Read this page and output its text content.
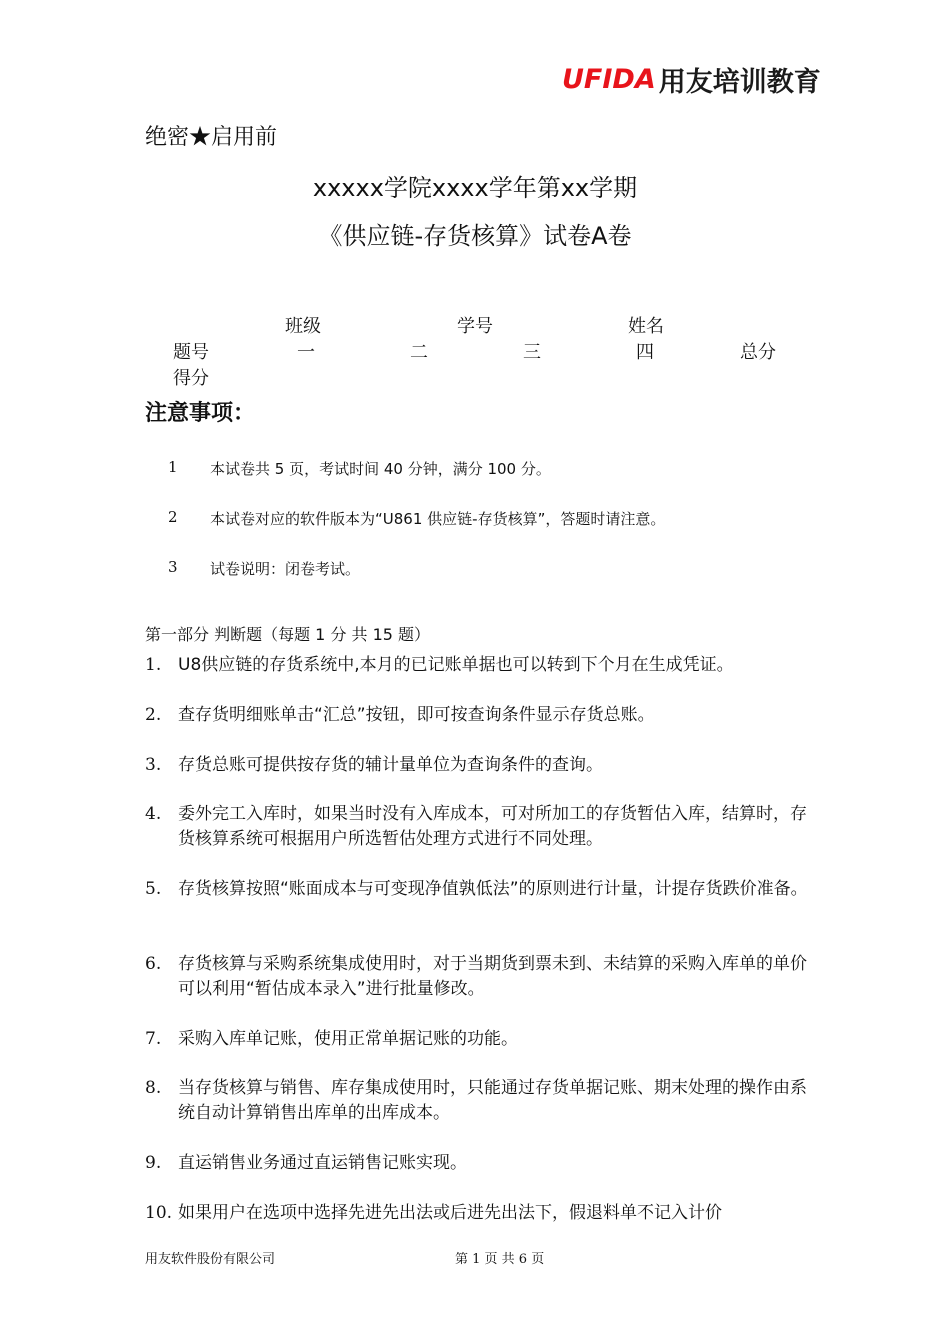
UFIDA 用友培训教育
绝密★启用前
xxxxx学院xxxx学年第xx学期
《供应链-存货核算》试卷A卷
班级	学号	姓名
题号	一	二	三	四	总分
得分
注意事项：
1	本试卷共 5 页，考试时间 40 分钟，满分 100 分。
2	本试卷对应的软件版本为“U861 供应链-存货核算”，答题时请注意。
3	试卷说明：闭卷考试。
第一部分 判断题（每题 1 分 共 15 题）
1. U8供应链的存货系统中,本月的已记账单据也可以转到下个月在生成凭证。
2. 查存货明细账单击“汇总”按钮，即可按查询条件显示存货总账。
3. 存货总账可提供按存货的辅计量单位为查询条件的查询。
4. 委外完工入库时，如果当时没有入库成本，可对所加工的存货暂估入库，结算时，存货核算系统可根据用户所选暂估处理方式进行不同处理。
5. 存货核算按照“账面成本与可变现净值孰低法”的原则进行计量，计提存货跌价准备。
6. 存货核算与采购系统集成使用时，对于当期货到票未到、未结算的采购入库单的单价可以利用“暂估成本录入”进行批量修改。
7. 采购入库单记账，使用正常单据记账的功能。
8. 当存货核算与销售、库存集成使用时，只能通过存货单据记账、期末处理的操作由系统自动计算销售出库单的出库成本。
9. 直运销售业务通过直运销售记账实现。
10. 如果用户在选项中选择先进先出法或后进先出法下，假退料单不记入计价
用友软件股份有限公司	第 1 页 共 6 页
